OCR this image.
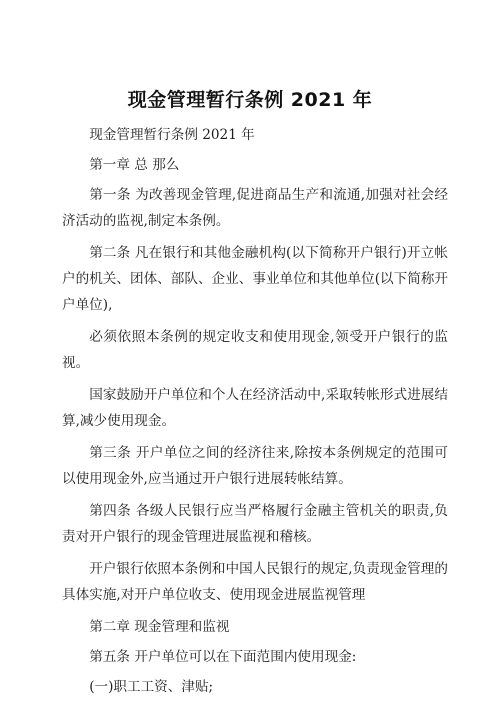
现金管理暂行条例 2021 年

现金管理暂行条例 2021 年

第一章 总 那么

第一条 为改善现金管理,促进商品生产和流通,加强对社会经济活动的监视,制定本条例。

第二条 凡在银行和其他金融机构(以下简称开户银行)开立帐户的机关、团体、部队、企业、事业单位和其他单位(以下简称开户单位),

必须依照本条例的规定收支和使用现金,领受开户银行的监视。

国家鼓励开户单位和个人在经济活动中,采取转帐形式进展结算,减少使用现金。

第三条 开户单位之间的经济往来,除按本条例规定的范围可以使用现金外,应当通过开户银行进展转帐结算。

第四条 各级人民银行应当严格履行金融主管机关的职责,负责对开户银行的现金管理进展监视和稽核。

开户银行依照本条例和中国人民银行的规定,负责现金管理的具体实施,对开户单位收支、使用现金进展监视管理

第二章 现金管理和监视

第五条 开户单位可以在下面范围内使用现金:

(一)职工工资、津贴;
